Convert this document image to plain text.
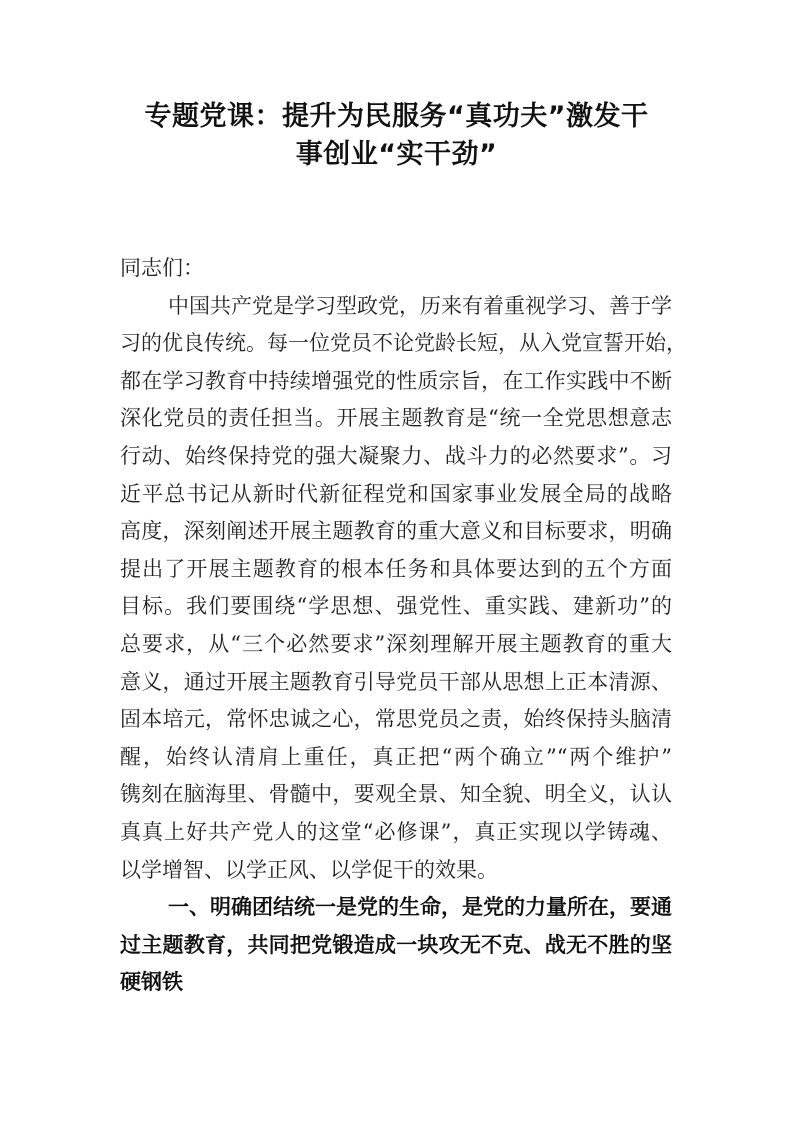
专题党课：提升为民服务“真功夫”激发干
事创业“实干劲”
同志们：
中国共产党是学习型政党，历来有着重视学习、善于学
习的优良传统。每一位党员不论党龄长短，从入党宣誓开始，
都在学习教育中持续增强党的性质宗旨，在工作实践中不断
深化党员的责任担当。开展主题教育是“统一全党思想意志
行动、始终保持党的强大凝聚力、战斗力的必然要求”。习
近平总书记从新时代新征程党和国家事业发展全局的战略
高度，深刻阐述开展主题教育的重大意义和目标要求，明确
提出了开展主题教育的根本任务和具体要达到的五个方面
目标。我们要围绕“学思想、强党性、重实践、建新功”的
总要求，从“三个必然要求”深刻理解开展主题教育的重大
意义，通过开展主题教育引导党员干部从思想上正本清源、
固本培元，常怀忠诚之心，常思党员之责，始终保持头脑清
醒，始终认清肩上重任，真正把“两个确立”“两个维护”
镌刻在脑海里、骨髓中，要观全景、知全貌、明全义，认认
真真上好共产党人的这堂“必修课”，真正实现以学铸魂、
以学增智、以学正风、以学促干的效果。
一、明确团结统一是党的生命，是党的力量所在，要通
过主题教育，共同把党锻造成一块攻无不克、战无不胜的坚
硬钢铁
